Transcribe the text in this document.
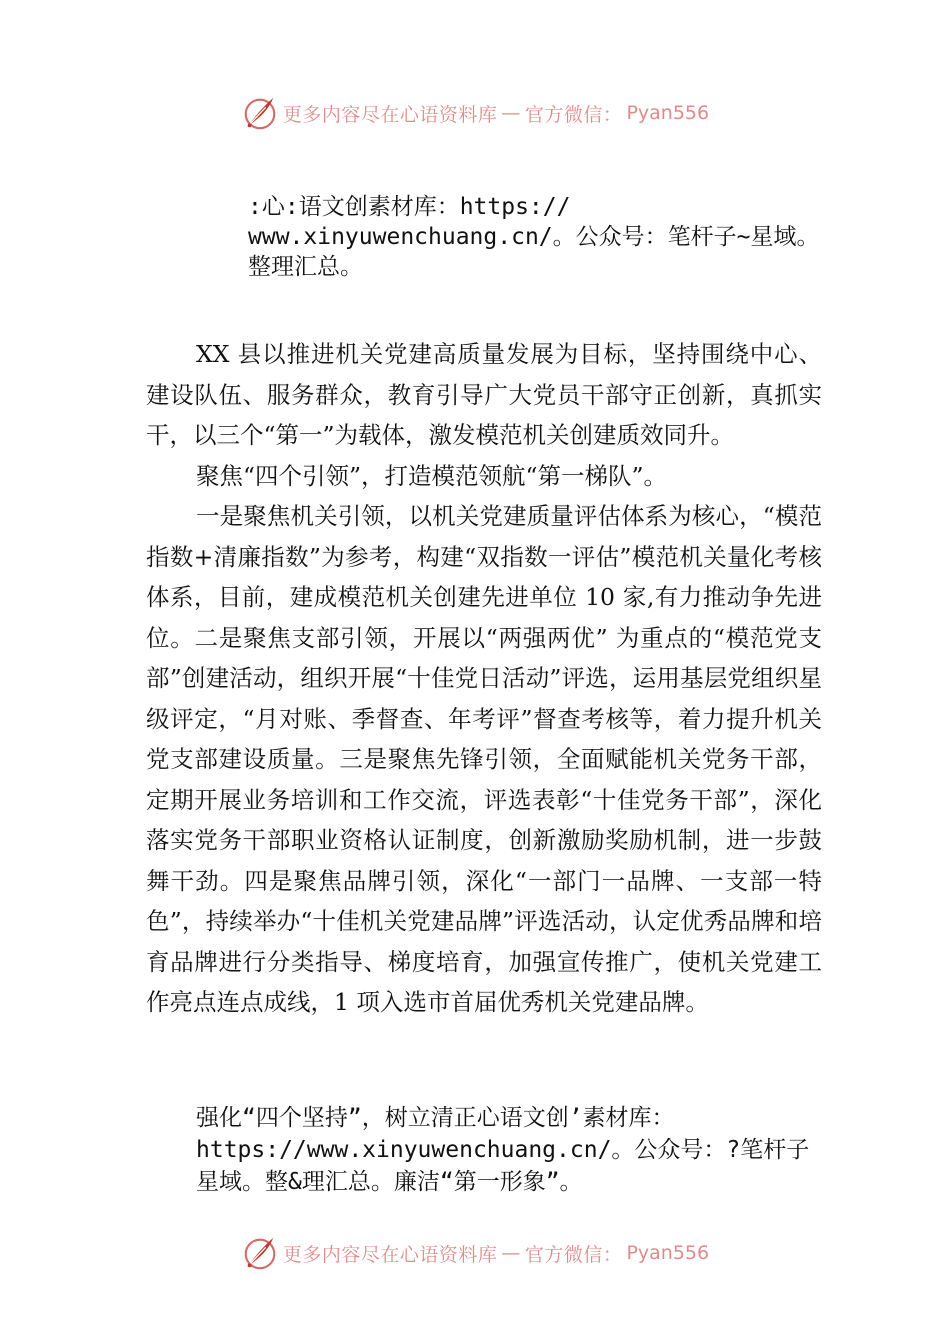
更多内容尽在心语资料库 — 官方微信： Pyan556
:心:语文创素材库：https://
www.xinyuwenchuang.cn/。公众号：笔杆子~星域。
整理汇总。

XX 县以推进机关党建高质量发展为目标，坚持围绕中心、建设队伍、服务群众，教育引导广大党员干部守正创新，真抓实干，以三个“第一”为载体，激发模范机关创建质效同升。

聚焦“四个引领”，打造模范领航“第一梯队”。

一是聚焦机关引领，以机关党建质量评估体系为核心，“模范指数+清廉指数”为参考，构建“双指数一评估”模范机关量化考核体系，目前，建成模范机关创建先进单位 10 家,有力推动争先进位。二是聚焦支部引领，开展以“两强两优” 为重点的“模范党支部”创建活动，组织开展“十佳党日活动”评选，运用基层党组织星级评定，“月对账、季督查、年考评”督查考核等，着力提升机关党支部建设质量。三是聚焦先锋引领，全面赋能机关党务干部，定期开展业务培训和工作交流，评选表彰“十佳党务干部”，深化落实党务干部职业资格认证制度，创新激励奖励机制，进一步鼓舞干劲。四是聚焦品牌引领，深化“一部门一品牌、一支部一特色”，持续举办“十佳机关党建品牌”评选活动，认定优秀品牌和培育品牌进行分类指导、梯度培育，加强宣传推广，使机关党建工作亮点连点成线，1 项入选市首届优秀机关党建品牌。

强化“四个坚持”，树立清正心语文创’素材库：https://www.xinyuwenchuang.cn/。公众号：?笔杆子星域。整&理汇总。廉洁“第一形象”。
更多内容尽在心语资料库 — 官方微信： Pyan556
